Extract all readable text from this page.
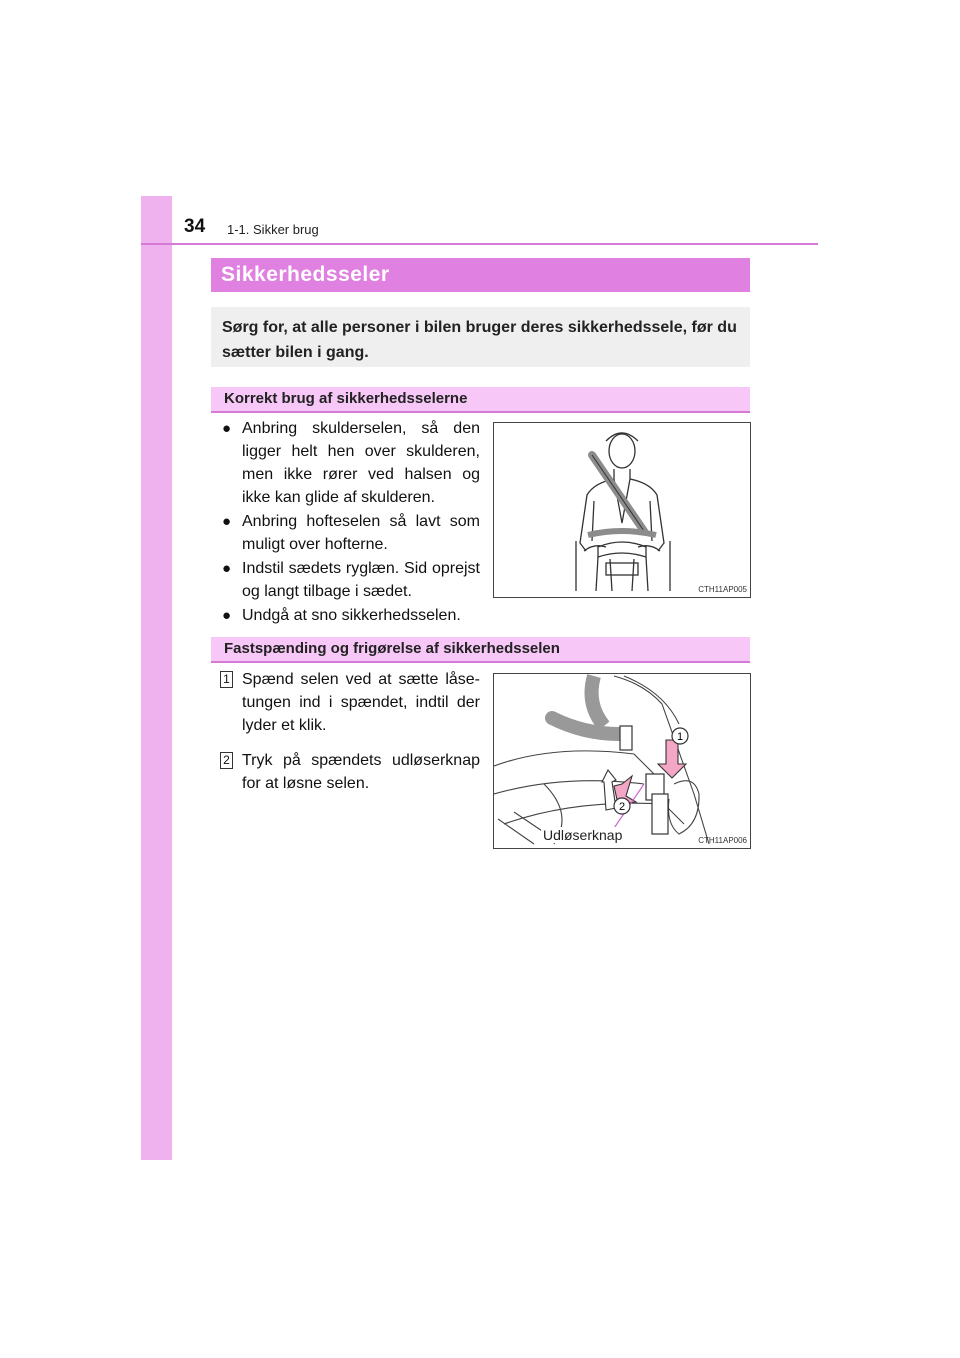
34 1-1. Sikker brug
Sikkerhedsseler

Sørg for, at alle personer i bilen bruger deres sikkerhedssele, før du sætter bilen i gang.

Korrekt brug af sikkerhedsselerne
● Anbring skulderselen, så den ligger helt hen over skulderen, men ikke rører ved halsen og ikke kan glide af skulderen.
● Anbring hofteselen så lavt som muligt over hofterne.
● Indstil sædets ryglæn. Sid oprejst og langt tilbage i sædet.
● Undgå at sno sikkerhedsselen.
CTH11AP005
Fastspænding og frigørelse af sikkerhedsselen
1 Spænd selen ved at sætte låse-tungen ind i spændet, indtil der lyder et klik.
2 Tryk på spændets udløserknap for at løsne selen.
1
2
Udløserknap	CTH11AP006
